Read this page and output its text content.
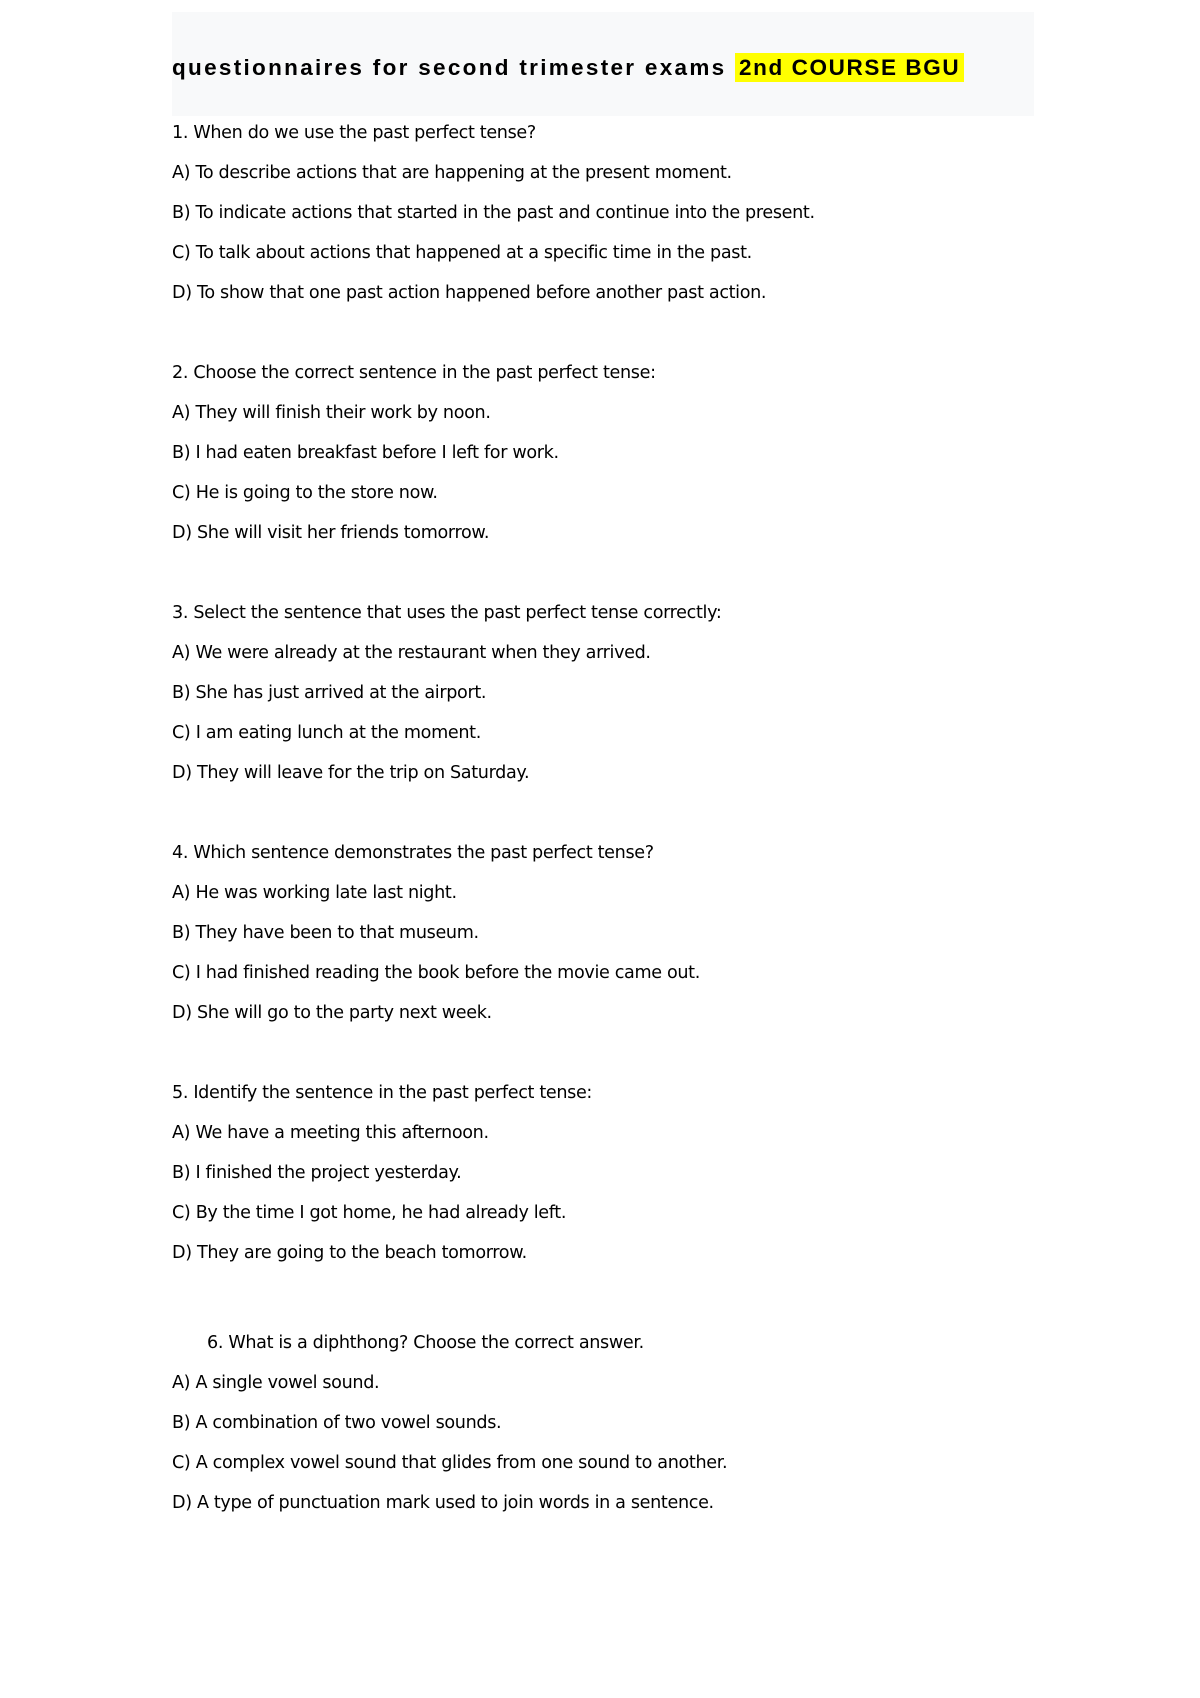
questionnaires for second trimester exams 2nd COURSE BGU
1. When do we use the past perfect tense?
A) To describe actions that are happening at the present moment.
B) To indicate actions that started in the past and continue into the present.
C) To talk about actions that happened at a specific time in the past.
D) To show that one past action happened before another past action.
2. Choose the correct sentence in the past perfect tense:
A) They will finish their work by noon.
B) I had eaten breakfast before I left for work.
C) He is going to the store now.
D) She will visit her friends tomorrow.
3. Select the sentence that uses the past perfect tense correctly:
A) We were already at the restaurant when they arrived.
B) She has just arrived at the airport.
C) I am eating lunch at the moment.
D) They will leave for the trip on Saturday.
4. Which sentence demonstrates the past perfect tense?
A) He was working late last night.
B) They have been to that museum.
C) I had finished reading the book before the movie came out.
D) She will go to the party next week.
5. Identify the sentence in the past perfect tense:
A) We have a meeting this afternoon.
B) I finished the project yesterday.
C) By the time I got home, he had already left.
D) They are going to the beach tomorrow.
6. What is a diphthong? Choose the correct answer.
A) A single vowel sound.
B) A combination of two vowel sounds.
C) A complex vowel sound that glides from one sound to another.
D) A type of punctuation mark used to join words in a sentence.
